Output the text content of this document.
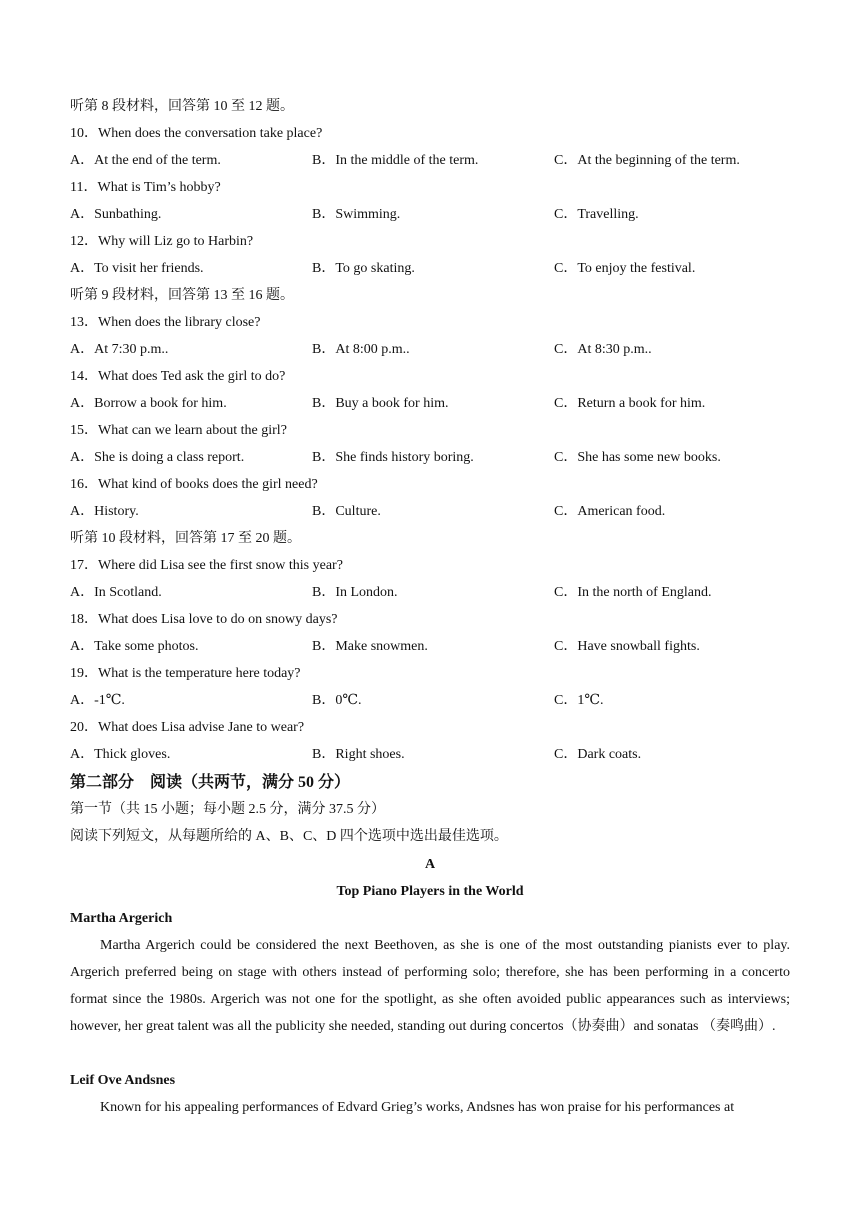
听第 8 段材料，回答第 10 至 12 题。
10．When does the conversation take place?
A．At the end of the term.	B．In the middle of the term.	C．At the beginning of the term.
11．What is Tim’s hobby?
A．Sunbathing.	B．Swimming.	C．Travelling.
12．Why will Liz go to Harbin?
A．To visit her friends.	B．To go skating.	C．To enjoy the festival.
听第 9 段材料，回答第 13 至 16 题。
13．When does the library close?
A．At 7:30 p.m..	B．At 8:00 p.m..	C．At 8:30 p.m..
14．What does Ted ask the girl to do?
A．Borrow a book for him.	B．Buy a book for him.	C．Return a book for him.
15．What can we learn about the girl?
A．She is doing a class report.	B．She finds history boring.	C．She has some new books.
16．What kind of books does the girl need?
A．History.	B．Culture.	C．American food.
听第 10 段材料，回答第 17 至 20 题。
17．Where did Lisa see the first snow this year?
A．In Scotland.	B．In London.	C．In the north of England.
18．What does Lisa love to do on snowy days?
A．Take some photos.	B．Make snowmen.	C．Have snowball fights.
19．What is the temperature here today?
A．-1℃.	B．0℃.	C．1℃.
20．What does Lisa advise Jane to wear?
A．Thick gloves.	B．Right shoes.	C．Dark coats.
第二部分　阅读（共两节，满分 50 分）
第一节（共 15 小题；每小题 2.5 分，满分 37.5 分）
阅读下列短文，从每题所给的 A、B、C、D 四个选项中选出最佳选项。
A
Top Piano Players in the World
Martha Argerich
Martha Argerich could be considered the next Beethoven, as she is one of the most outstanding pianists ever to play. Argerich preferred being on stage with others instead of performing solo; therefore, she has been performing in a concerto format since the 1980s. Argerich was not one for the spotlight, as she often avoided public appearances such as interviews; however, her great talent was all the publicity she needed, standing out during concertos（协奏曲）and sonatas （奏鸣曲）.
Leif Ove Andsnes
Known for his appealing performances of Edvard Grieg’s works, Andsnes has won praise for his performances at
